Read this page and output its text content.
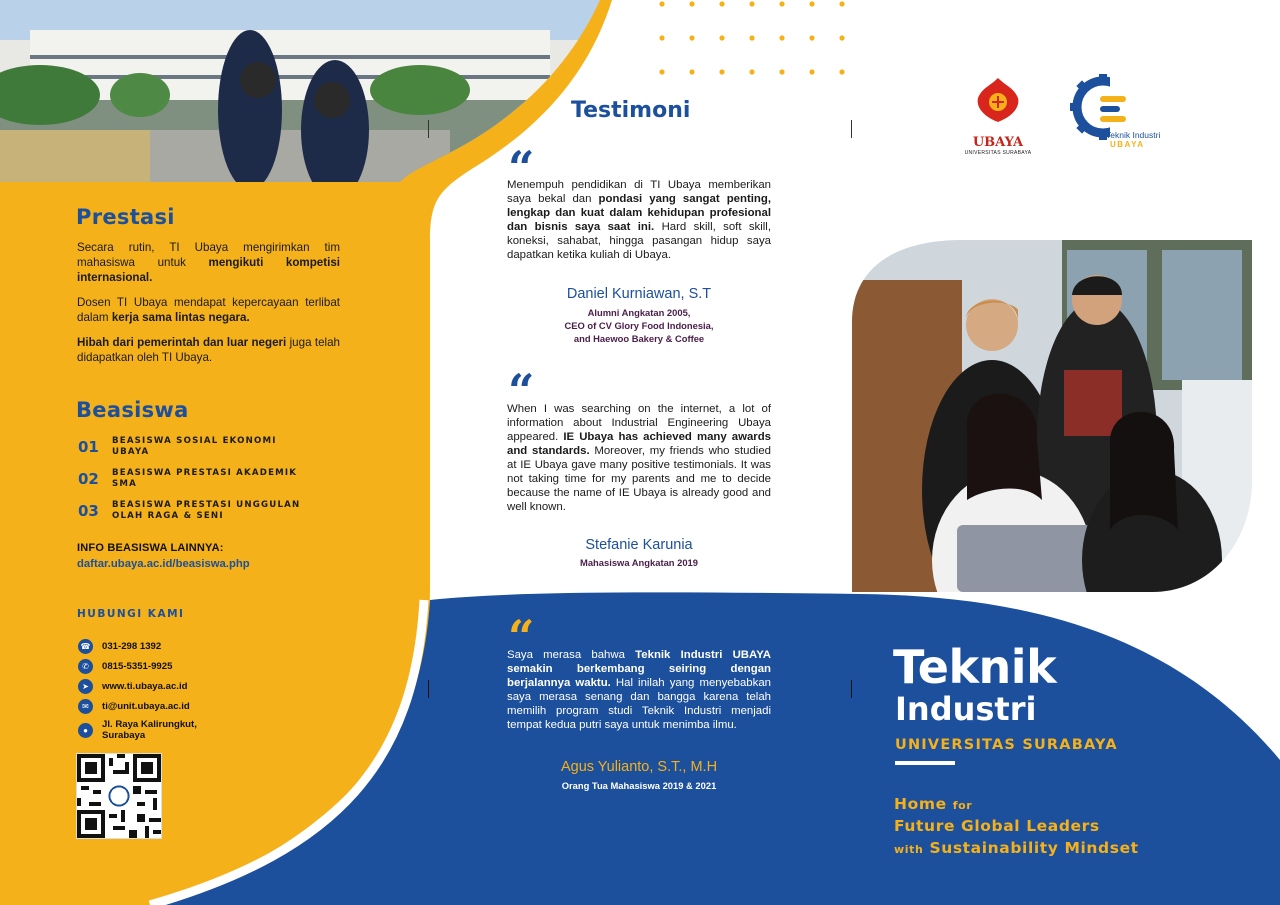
Prestasi
Secara rutin, TI Ubaya mengirimkan tim mahasiswa untuk mengikuti kompetisi internasional.
Dosen TI Ubaya mendapat kepercayaan terlibat dalam kerja sama lintas negara.
Hibah dari pemerintah dan luar negeri juga telah didapatkan oleh TI Ubaya.
Beasiswa
01	BEASISWA SOSIAL EKONOMI UBAYA
02	BEASISWA PRESTASI AKADEMIK SMA
03	BEASISWA PRESTASI UNGGULAN OLAH RAGA & SENI
INFO BEASISWA LAINNYA:
daftar.ubaya.ac.id/beasiswa.php
HUBUNGI KAMI
☎ 031-298 1392
✆	0815-5351-9925
➤	www.ti.ubaya.ac.id
✉	ti@unit.ubaya.ac.id
●	Jl. Raya Kalirungkut,
Surabaya
Testimoni
“
Menempuh pendidikan di TI Ubaya memberikan saya bekal dan pondasi yang sangat penting, lengkap dan kuat dalam kehidupan profesional dan bisnis saya saat ini. Hard skill, soft skill, koneksi, sahabat, hingga pasangan hidup saya dapatkan ketika kuliah di Ubaya.
Daniel Kurniawan, S.T
Alumni Angkatan 2005,
CEO of CV Glory Food Indonesia,
and Haewoo Bakery & Coffee
“
When I was searching on the internet, a lot of information about Industrial Engineering Ubaya appeared. IE Ubaya has achieved many awards and standards. Moreover, my friends who studied at IE Ubaya gave many positive testimonials. It was not taking time for my parents and me to decide because the name of IE Ubaya is already good and well known.
Stefanie Karunia
Mahasiswa Angkatan 2019
“
Saya merasa bahwa Teknik Industri UBAYA semakin berkembang seiring dengan berjalannya waktu. Hal inilah yang menyebabkan saya merasa senang dan bangga karena telah memilih program studi Teknik Industri menjadi tempat kedua putri saya untuk menimba ilmu.
Agus Yulianto, S.T., M.H
Orang Tua Mahasiswa 2019 & 2021
UBAYA
UNIVERSITAS SURABAYA
Teknik Industri
UBAYA
Teknik
Industri
UNIVERSITAS SURABAYA
Home for
Future Global Leaders
with Sustainability Mindset
